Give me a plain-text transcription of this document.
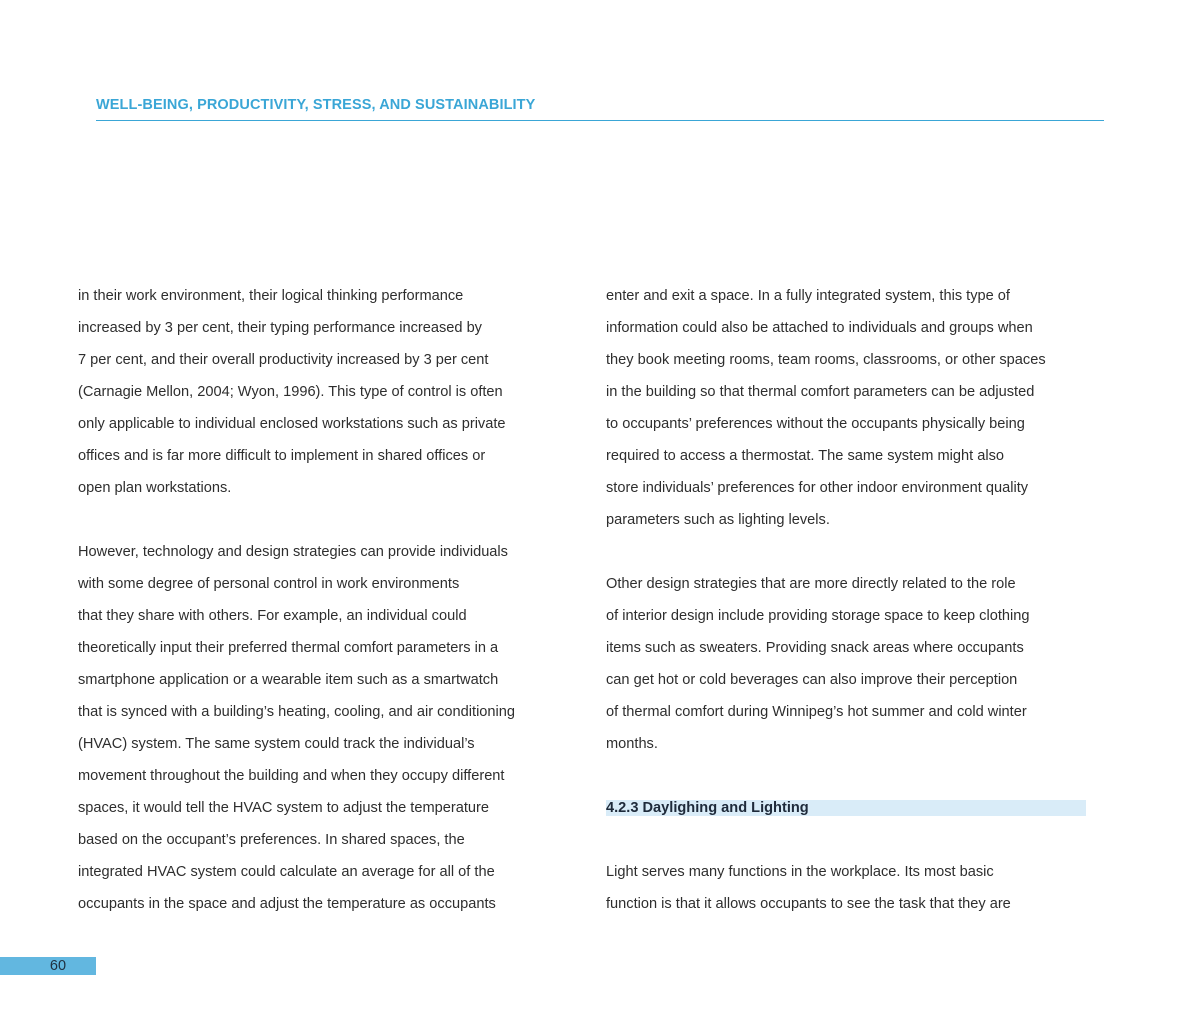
WELL-BEING, PRODUCTIVITY, STRESS, AND SUSTAINABILITY
in their work environment, their logical thinking performance
increased by 3 per cent, their typing performance increased by
7 per cent, and their overall productivity increased by 3 per cent
(Carnagie Mellon, 2004; Wyon, 1996). This type of control is often
only applicable to individual enclosed workstations such as private
offices and is far more difficult to implement in shared offices or
open plan workstations.
However, technology and design strategies can provide individuals
with some degree of personal control in work environments
that they share with others. For example, an individual could
theoretically input their preferred thermal comfort parameters in a
smartphone application or a wearable item such as a smartwatch
that is synced with a building’s heating, cooling, and air conditioning
(HVAC) system. The same system could track the individual’s
movement throughout the building and when they occupy different
spaces, it would tell the HVAC system to adjust the temperature
based on the occupant’s preferences. In shared spaces, the
integrated HVAC system could calculate an average for all of the
occupants in the space and adjust the temperature as occupants
enter and exit a space. In a fully integrated system, this type of
information could also be attached to individuals and groups when
they book meeting rooms, team rooms, classrooms, or other spaces
in the building so that thermal comfort parameters can be adjusted
to occupants’ preferences without the occupants physically being
required to access a thermostat. The same system might also
store individuals’ preferences for other indoor environment quality
parameters such as lighting levels.
Other design strategies that are more directly related to the role
of interior design include providing storage space to keep clothing
items such as sweaters. Providing snack areas where occupants
can get hot or cold beverages can also improve their perception
of thermal comfort during Winnipeg’s hot summer and cold winter
months.
4.2.3 Daylighing and Lighting
Light serves many functions in the workplace. Its most basic
function is that it allows occupants to see the task that they are
60
